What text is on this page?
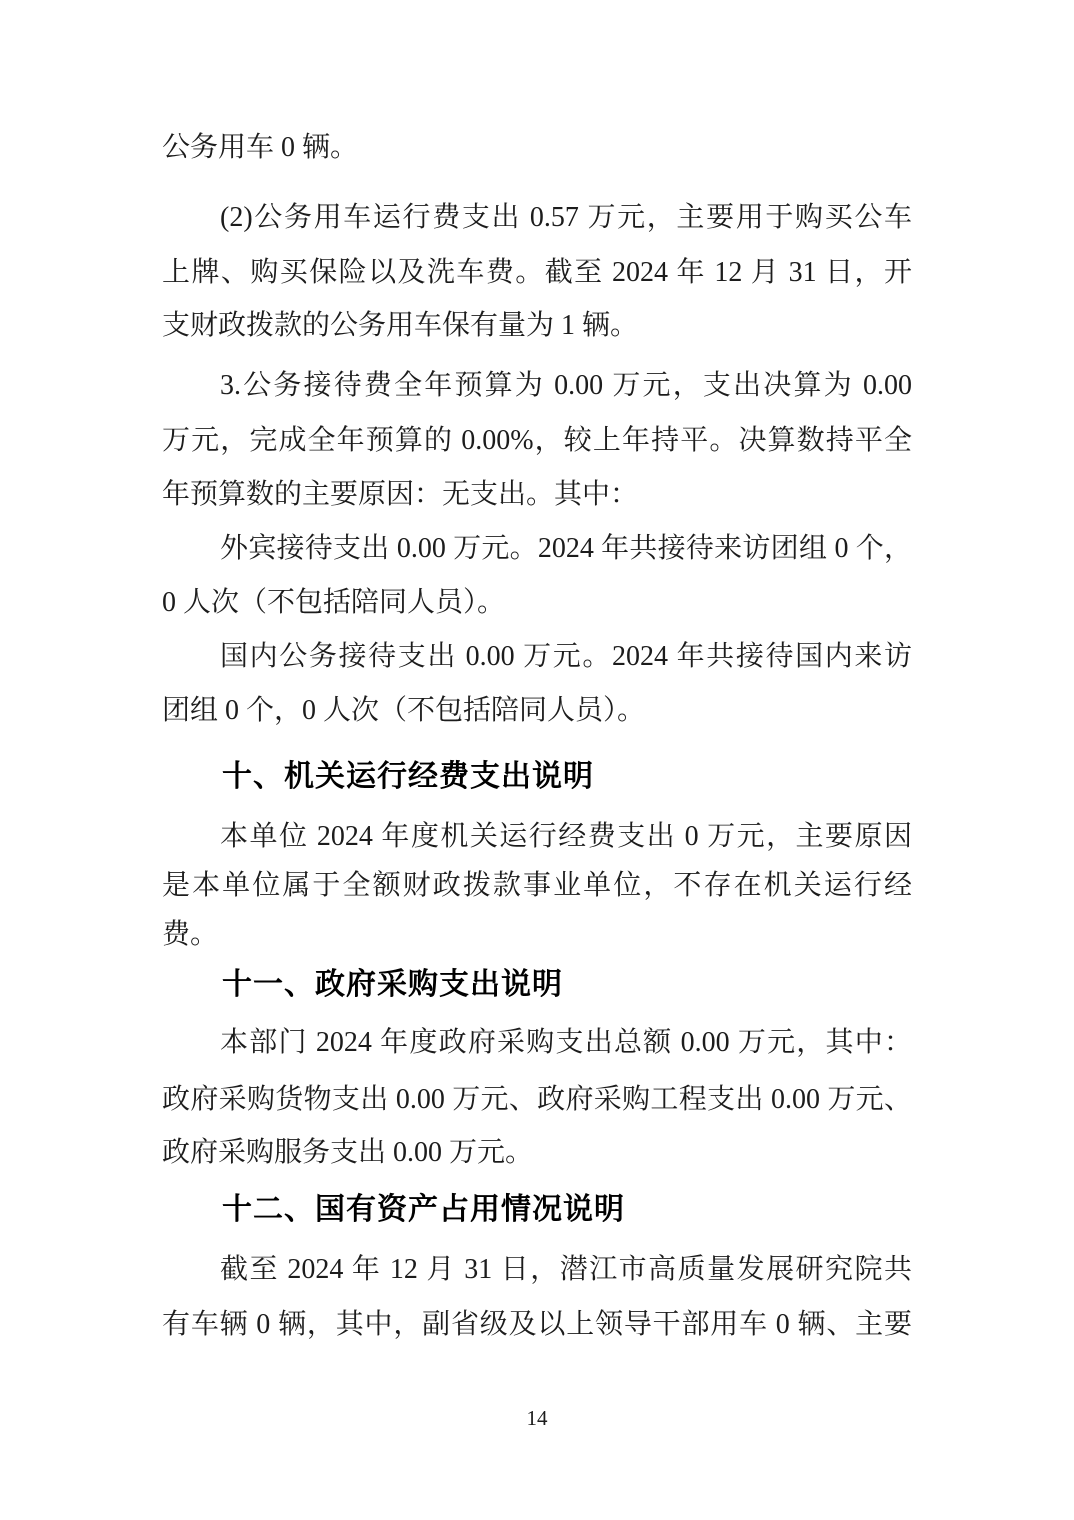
公务用车 0 辆。
(2)公务用车运行费支出 0.57 万元，主要用于购买公车
上牌、购买保险以及洗车费。截至 2024 年 12 月 31 日，开
支财政拨款的公务用车保有量为 1 辆。
3.公务接待费全年预算为 0.00 万元，支出决算为 0.00
万元，完成全年预算的 0.00%，较上年持平。决算数持平全
年预算数的主要原因：无支出。其中：
外宾接待支出 0.00 万元。2024 年共接待来访团组 0 个，
0 人次（不包括陪同人员）。
国内公务接待支出 0.00 万元。2024 年共接待国内来访
团组 0 个，0 人次（不包括陪同人员）。
十、机关运行经费支出说明
本单位 2024 年度机关运行经费支出 0 万元，主要原因
是本单位属于全额财政拨款事业单位，不存在机关运行经
费。
十一、政府采购支出说明
本部门 2024 年度政府采购支出总额 0.00 万元，其中：
政府采购货物支出 0.00 万元、政府采购工程支出 0.00 万元、
政府采购服务支出 0.00 万元。
十二、国有资产占用情况说明
截至 2024 年 12 月 31 日，潜江市高质量发展研究院共
有车辆 0 辆，其中，副省级及以上领导干部用车 0 辆、主要
14
